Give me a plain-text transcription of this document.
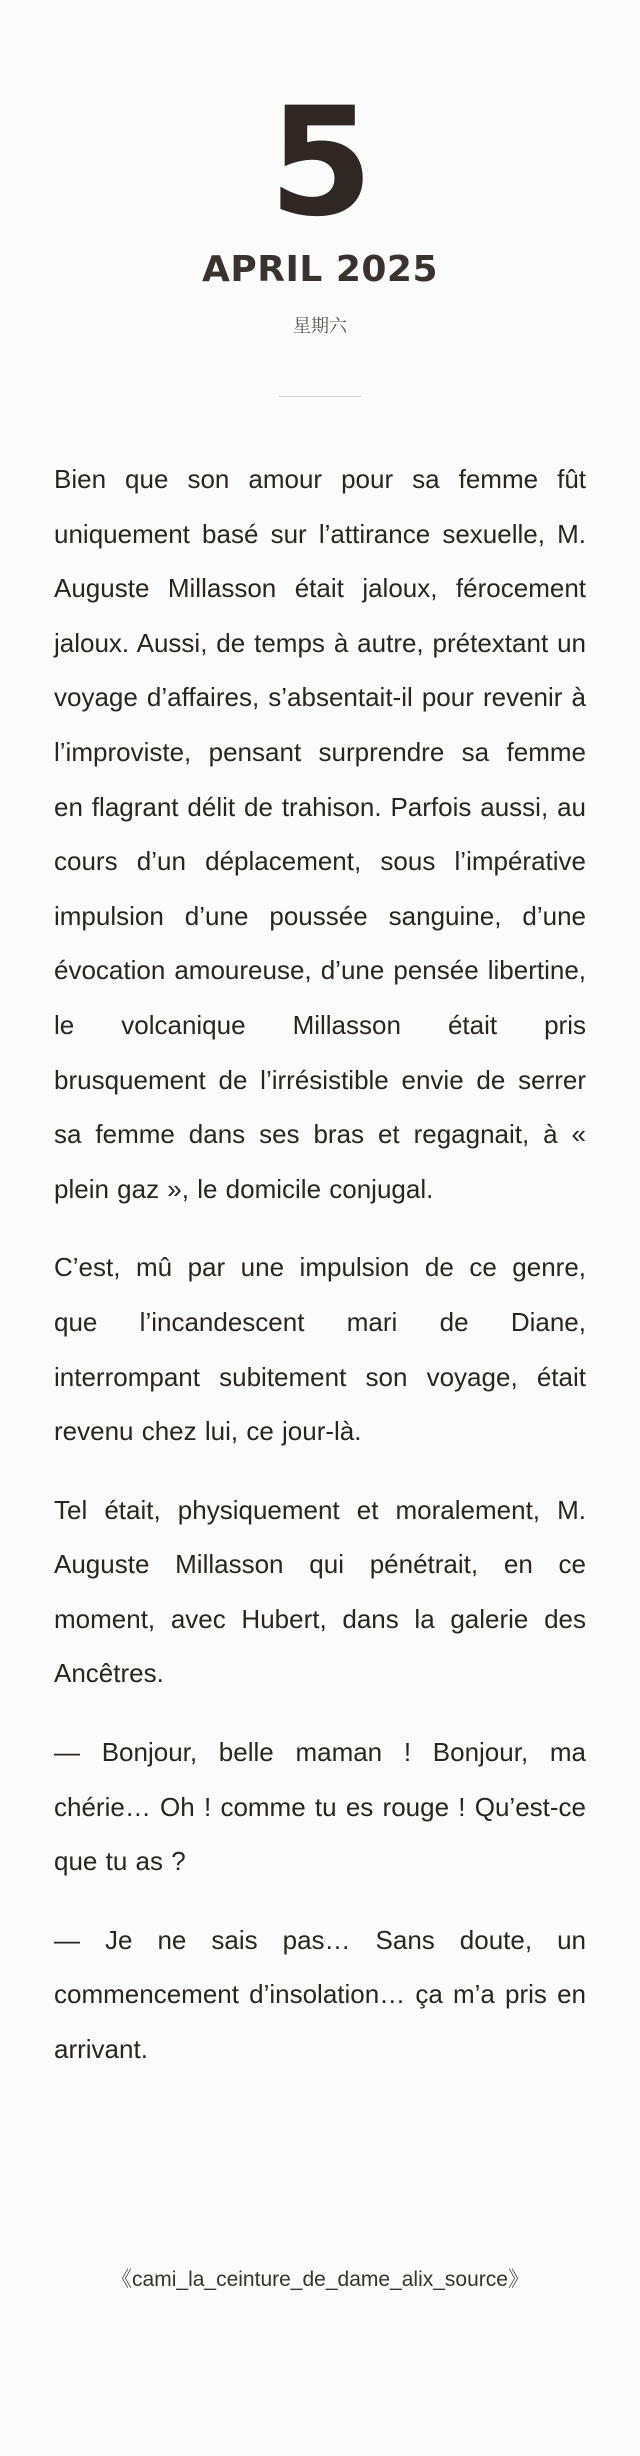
5
APRIL 2025
星期六

Bien que son amour pour sa femme fût uniquement basé sur l’attirance sexuelle, M. Auguste Millasson était jaloux, férocement jaloux. Aussi, de temps à autre, prétextant un voyage d’affaires, s’absentait-il pour revenir à l’improviste, pensant surprendre sa femme en flagrant délit de trahison. Parfois aussi, au cours d’un déplacement, sous l’impérative impulsion d’une poussée sanguine, d’une évocation amoureuse, d’une pensée libertine, le volcanique Millasson était pris brusquement de l’irrésistible envie de serrer sa femme dans ses bras et regagnait, à « plein gaz », le domicile conjugal.

C’est, mû par une impulsion de ce genre, que l’incandescent mari de Diane, interrompant subitement son voyage, était revenu chez lui, ce jour-là.

Tel était, physiquement et moralement, M. Auguste Millasson qui pénétrait, en ce moment, avec Hubert, dans la galerie des Ancêtres.

— Bonjour, belle maman ! Bonjour, ma chérie… Oh ! comme tu es rouge ! Qu’est-ce que tu as ?

— Je ne sais pas… Sans doute, un commencement d’insolation… ça m’a pris en arrivant.

《cami_la_ceinture_de_dame_alix_source》
